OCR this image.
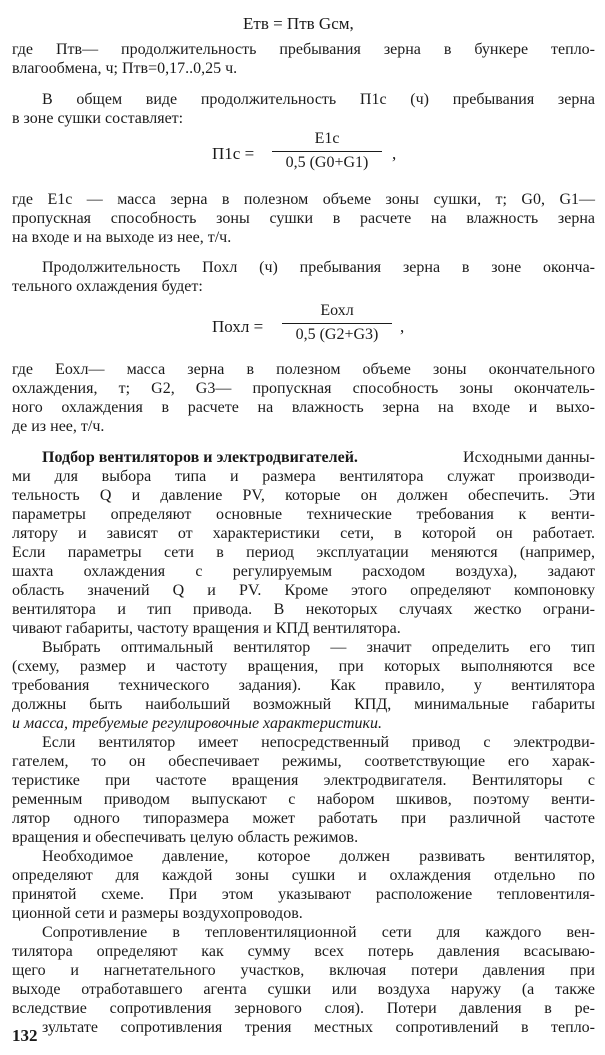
Eтв = Птв Gсм,
где Птв— продолжительность пребывания зерна в бункере тепло-
влагообмена, ч; Птв=0,17..0,25 ч.
В общем виде продолжительность П1с (ч) пребывания зерна
в зоне сушки составляет:
П1с =
E1с
0,5 (G0+G1)	,
где E1с — масса зерна в полезном объеме зоны сушки, т; G0, G1—
пропускная способность зоны сушки в расчете на влажность зерна
на входе и на выходе из нее, т/ч.
Продолжительность Похл (ч) пребывания зерна в зоне оконча-
тельного охлаждения будет:
Похл =
Eохл
0,5 (G2+G3)	,
где Eохл— масса зерна в полезном объеме зоны окончательного
охлаждения, т; G2, G3— пропускная способность зоны окончатель-
ного охлаждения в расчете на влажность зерна на входе и выхо-
де из нее, т/ч.
Подбор вентиляторов и электродвигателей.	Исходными данны-
ми для выбора типа и размера вентилятора служат производи-
тельность Q и давление PV, которые он должен обеспечить. Эти
параметры определяют основные технические требования к венти-
лятору и зависят от характеристики сети, в которой он работает.
Если параметры сети в период эксплуатации меняются (например,
шахта охлаждения с регулируемым расходом воздуха), задают
область значений Q и PV. Кроме этого определяют компоновку
вентилятора и тип привода. В некоторых случаях жестко ограни-
чивают габариты, частоту вращения и КПД вентилятора.
Выбрать оптимальный вентилятор — значит определить его тип
(схему, размер и частоту вращения, при которых выполняются все
требования технического задания). Как правило, у вентилятора
должны быть наибольший возможный КПД, минимальные габариты
и масса, требуемые регулировочные характеристики.
Если вентилятор имеет непосредственный привод с электродви-
гателем, то он обеспечивает режимы, соответствующие его харак-
теристике при частоте вращения электродвигателя. Вентиляторы с
ременным приводом выпускают с набором шкивов, поэтому венти-
лятор одного типоразмера может работать при различной частоте
вращения и обеспечивать целую область режимов.
Необходимое давление, которое должен развивать вентилятор,
определяют для каждой зоны сушки и охлаждения отдельно по
принятой схеме. При этом указывают расположение тепловентиля-
ционной сети и размеры воздухопроводов.
Сопротивление в тепловентиляционной сети для каждого вен-
тилятора определяют как сумму всех потерь давления всасываю-
щего и нагнетательного участков, включая потери давления при
выходе отработавшего агента сушки или воздуха наружу (а также
вследствие сопротивления зернового слоя). Потери давления в ре-
зультате сопротивления трения местных сопротивлений в тепло-
132
